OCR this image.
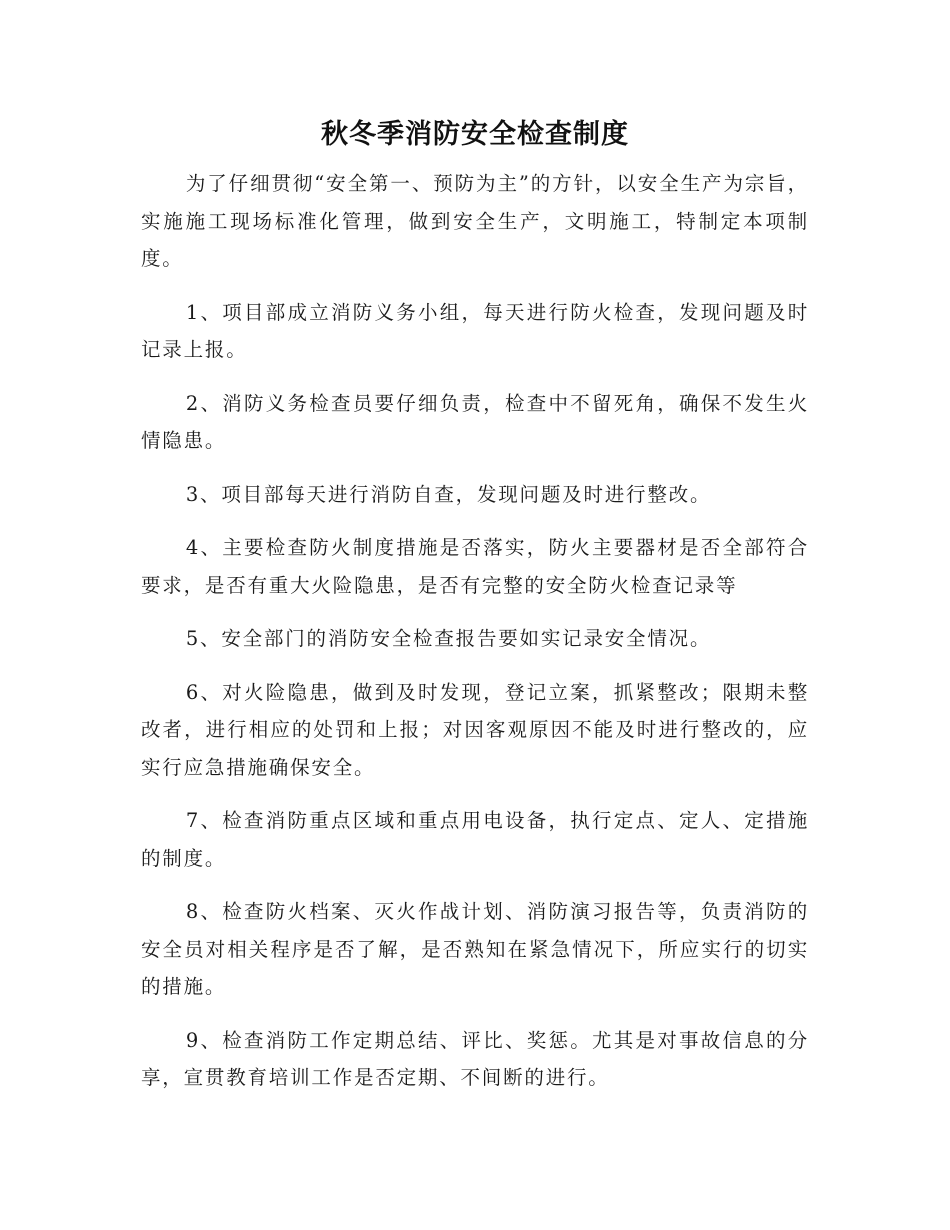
秋冬季消防安全检查制度

为了仔细贯彻“安全第一、预防为主”的方针，以安全生产为宗旨，实施施工现场标准化管理，做到安全生产，文明施工，特制定本项制度。

1、项目部成立消防义务小组，每天进行防火检查，发现问题及时记录上报。

2、消防义务检查员要仔细负责，检查中不留死角，确保不发生火情隐患。

3、项目部每天进行消防自查，发现问题及时进行整改。

4、主要检查防火制度措施是否落实，防火主要器材是否全部符合要求，是否有重大火险隐患，是否有完整的安全防火检查记录等

5、安全部门的消防安全检查报告要如实记录安全情况。

6、对火险隐患，做到及时发现，登记立案，抓紧整改；限期未整改者，进行相应的处罚和上报；对因客观原因不能及时进行整改的，应实行应急措施确保安全。

7、检查消防重点区域和重点用电设备，执行定点、定人、定措施的制度。

8、检查防火档案、灭火作战计划、消防演习报告等，负责消防的安全员对相关程序是否了解，是否熟知在紧急情况下，所应实行的切实的措施。

9、检查消防工作定期总结、评比、奖惩。尤其是对事故信息的分享，宣贯教育培训工作是否定期、不间断的进行。
